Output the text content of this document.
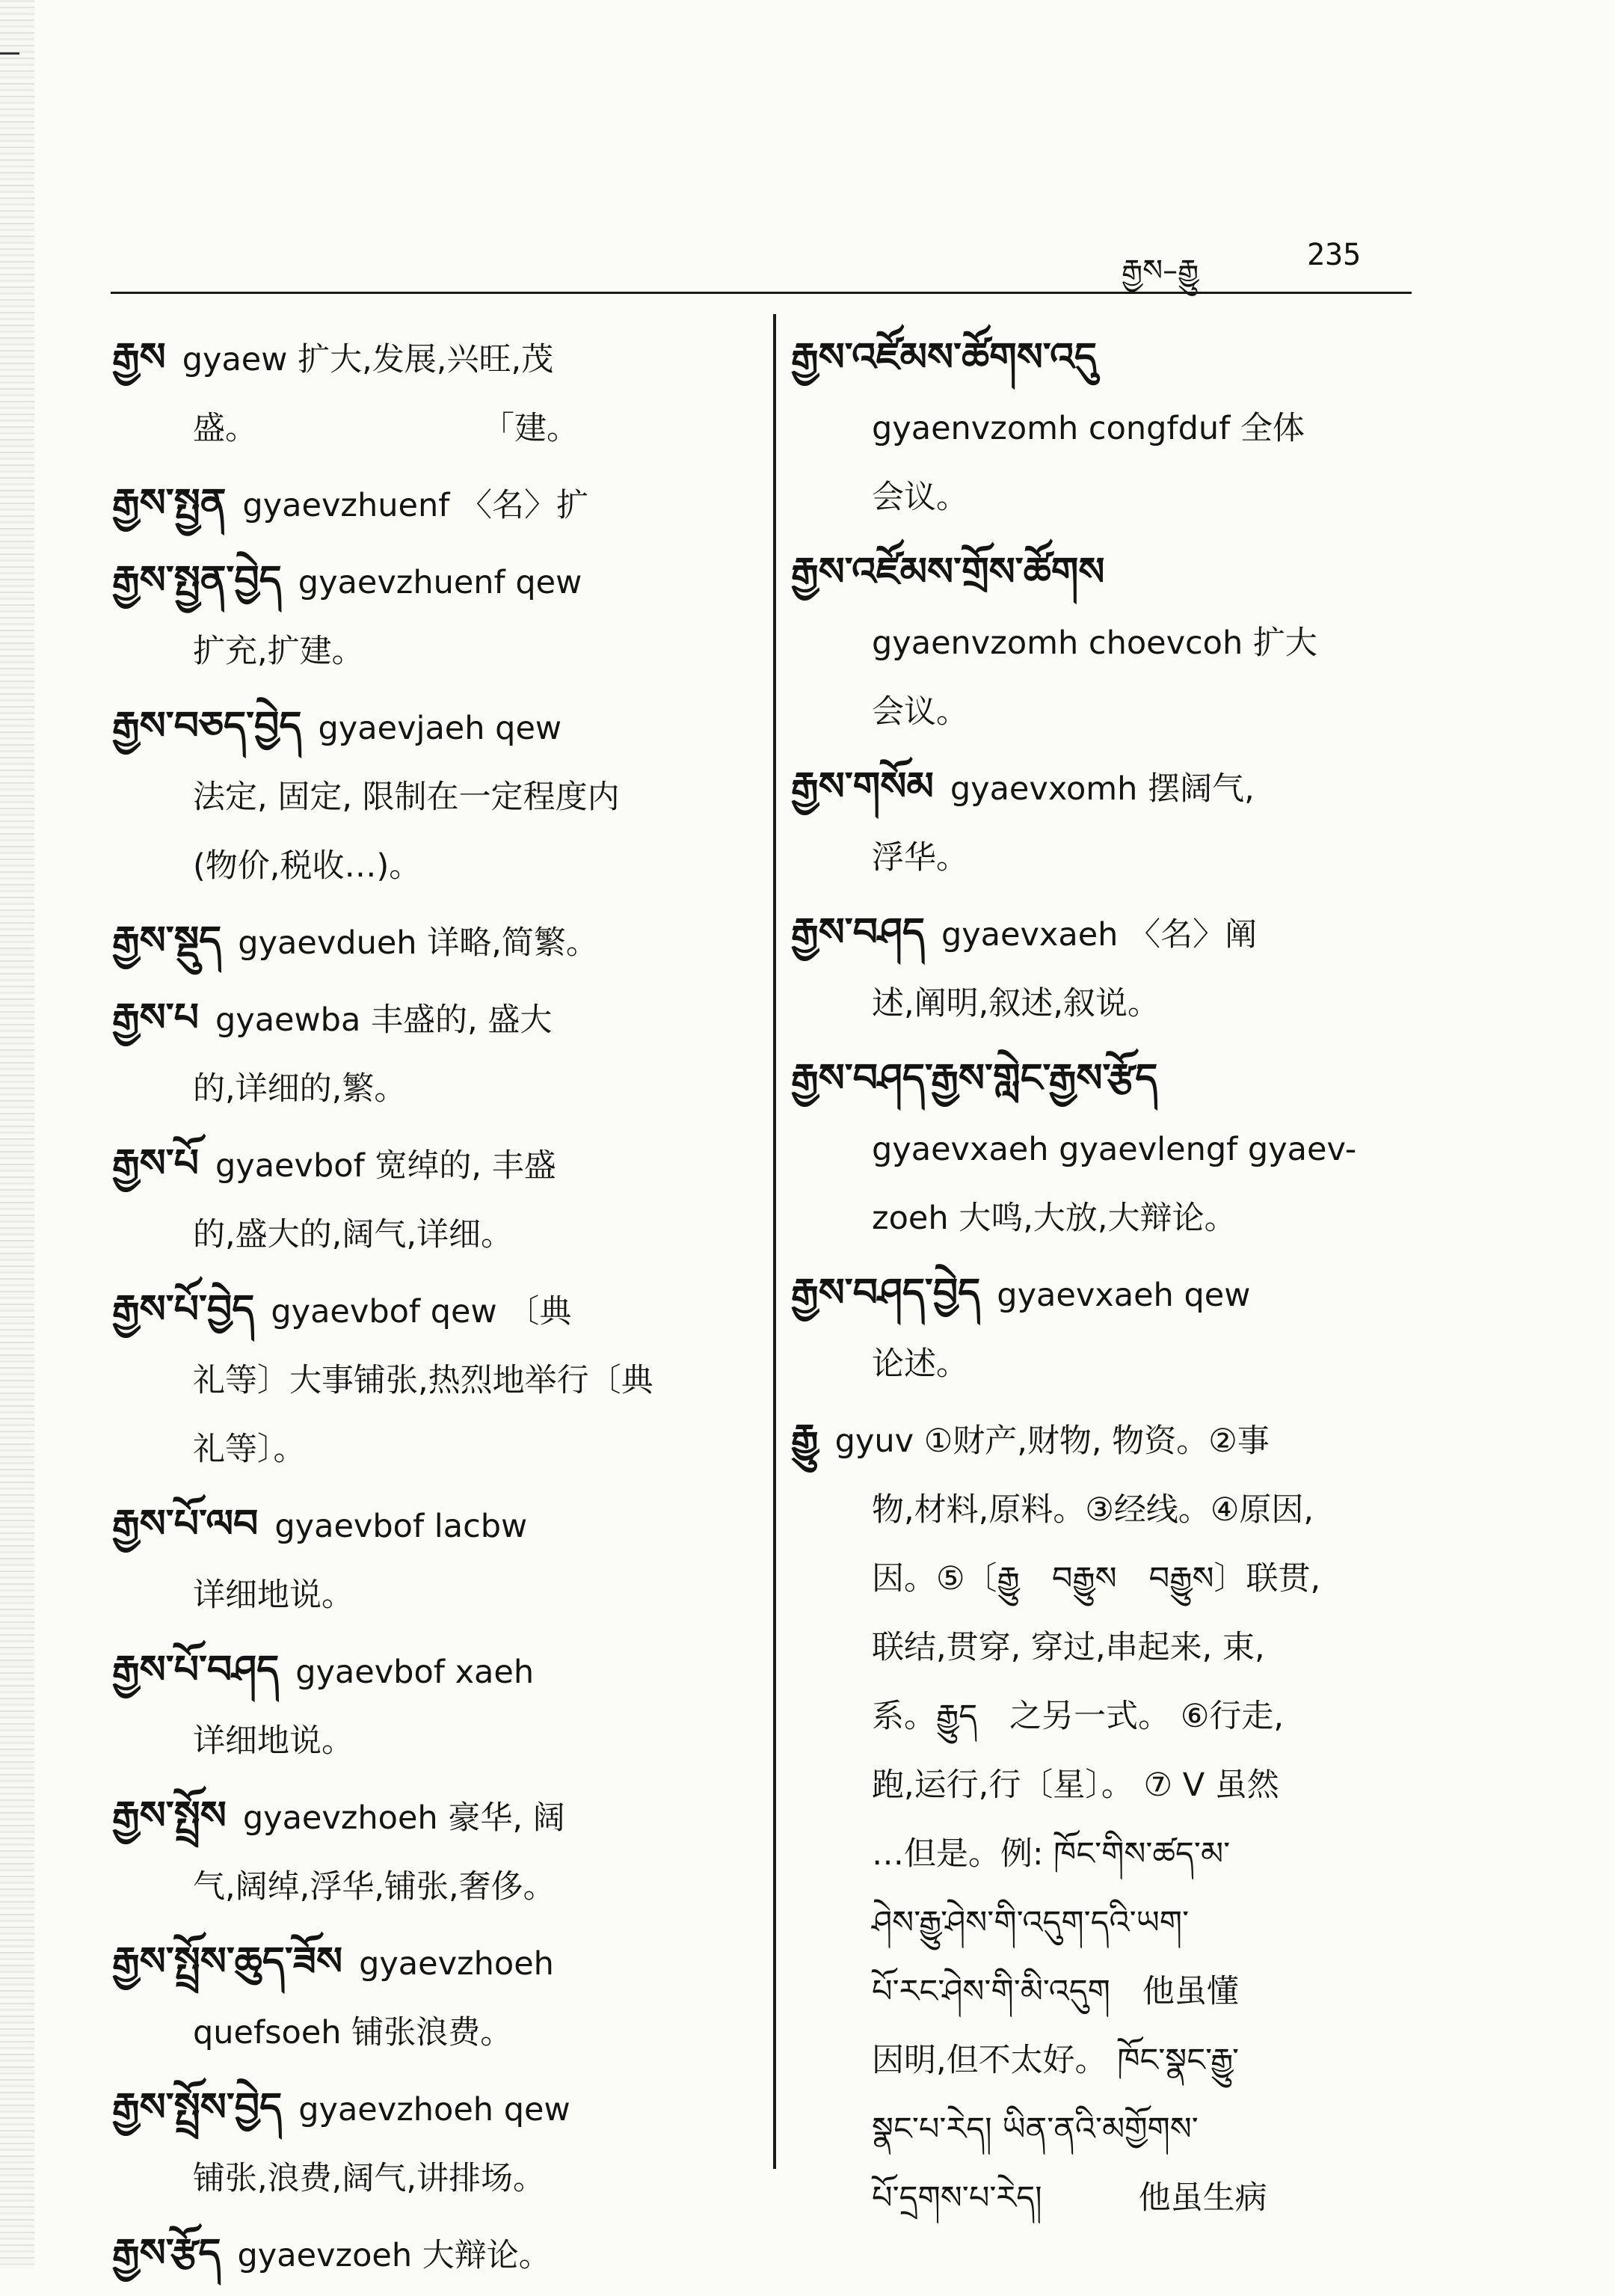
རྒྱས–རྒྱུ	235
རྒྱས gyaew 扩大,发展,兴旺,茂
盛。　　　　　　　　「建。
རྒྱས་སྤྱན gyaevzhuenf 〈名〉扩
རྒྱས་སྤྱན་བྱེད gyaevzhuenf qew
扩充,扩建。
རྒྱས་བཅད་བྱེད gyaevjaeh qew
法定, 固定, 限制在一定程度内
(物价,税收…)。
རྒྱས་སྡུད gyaevdueh 详略,简繁。
རྒྱས་པ gyaewba 丰盛的, 盛大
的,详细的,繁。
རྒྱས་པོ gyaevbof 宽绰的, 丰盛
的,盛大的,阔气,详细。
རྒྱས་པོ་བྱེད gyaevbof qew 〔典
礼等〕大事铺张,热烈地举行〔典
礼等〕。
རྒྱས་པོ་ལབ gyaevbof lacbw
详细地说。
རྒྱས་པོ་བཤད gyaevbof xaeh
详细地说。
རྒྱས་སྤྲོས gyaevzhoeh 豪华, 阔
气,阔绰,浮华,铺张,奢侈。
རྒྱས་སྤྲོས་ཆུད་ཟོས gyaevzhoeh
quefsoeh 铺张浪费。
རྒྱས་སྤྲོས་བྱེད gyaevzhoeh qew
铺张,浪费,阔气,讲排场。
རྒྱས་རྩོད gyaevzoeh 大辩论。
རྒྱས་འཛོམས་ཚོགས་འདུ
gyaenvzomh congfduf 全体
会议。
རྒྱས་འཛོམས་གྲོས་ཚོགས
gyaenvzomh choevcoh 扩大
会议。
རྒྱས་གསོམ gyaevxomh 摆阔气,
浮华。
རྒྱས་བཤད gyaevxaeh 〈名〉阐
述,阐明,叙述,叙说。
རྒྱས་བཤད་རྒྱས་གླེང་རྒྱས་རྩོད
gyaevxaeh gyaevlengf gyaev-
zoeh 大鸣,大放,大辩论。
རྒྱས་བཤད་བྱེད gyaevxaeh qew
论述。
རྒྱུ gyuv ①财产,财物, 物资。②事
物,材料,原料。③经线。④原因,
因。⑤〔རྒྱུ　བརྒྱུས　བརྒྱུས〕联贯,
联结,贯穿, 穿过,串起来, 束,
系。རྒྱུད　之另一式。 ⑥行走,
跑,运行,行〔星〕。 ⑦ V 虽然
…但是。例: ཁོང་གིས་ཚད་མ་
ཤེས་རྒྱུ་ཤེས་གི་འདུག་དའི་ཡག་
པོ་རང་ཤེས་གི་མི་འདུག　他虽懂
因明,但不太好。 ཁོང་སྣང་རྒྱུ་
སྣང་པ་རེད། ཡིན་ནའི་མགྱོགས་
པོ་དྲགས་པ་རེད།　　　他虽生病
